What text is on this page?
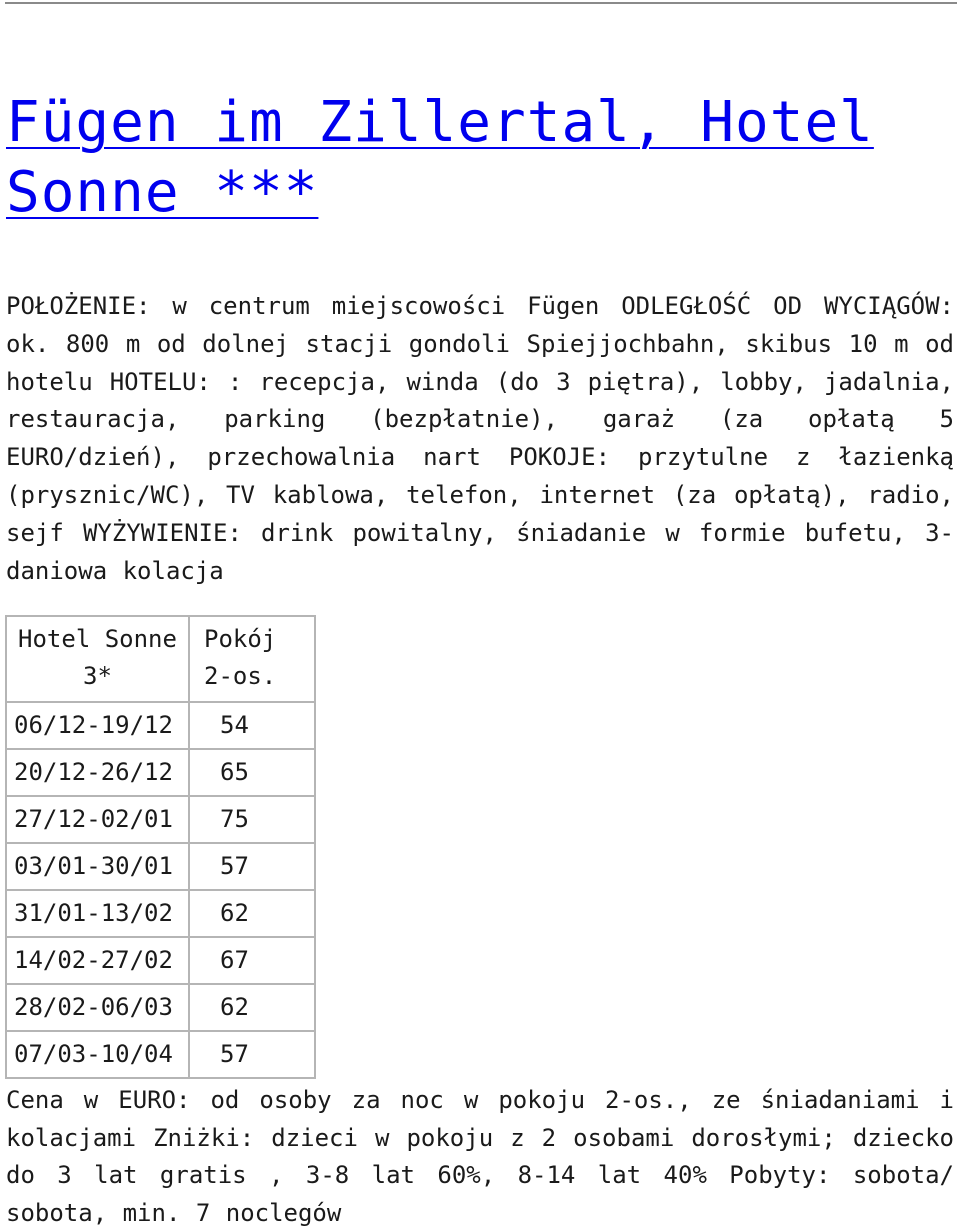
Fügen im Zillertal, Hotel Sonne ***

POŁOŻENIE: w centrum miejscowości Fügen ODLEGŁOŚĆ OD WYCIĄGÓW: ok. 800 m od dolnej stacji gondoli Spiejjochbahn, skibus 10 m od hotelu HOTELU: : recepcja, winda (do 3 piętra), lobby, jadalnia, restauracja, parking (bezpłatnie), garaż (za opłatą 5 EURO/dzień), przechowalnia nart POKOJE: przytulne z łazienką (prysznic/WC), TV kablowa, telefon, internet (za opłatą), radio, sejf WYŻYWIENIE: drink powitalny, śniadanie w formie bufetu, 3-daniowa kolacja

Hotel Sonne 3*	Pokój 2-os.
06/12-19/12	54
20/12-26/12	65
27/12-02/01	75
03/01-30/01	57
31/01-13/02	62
14/02-27/02	67
28/02-06/03	62
07/03-10/04	57

Cena w EURO: od osoby za noc w pokoju 2-os., ze śniadaniami i kolacjami Zniżki: dzieci w pokoju z 2 osobami dorosłymi; dziecko do 3 lat gratis , 3-8 lat 60%, 8-14 lat 40% Pobyty: sobota/ sobota, min. 7 noclegów
